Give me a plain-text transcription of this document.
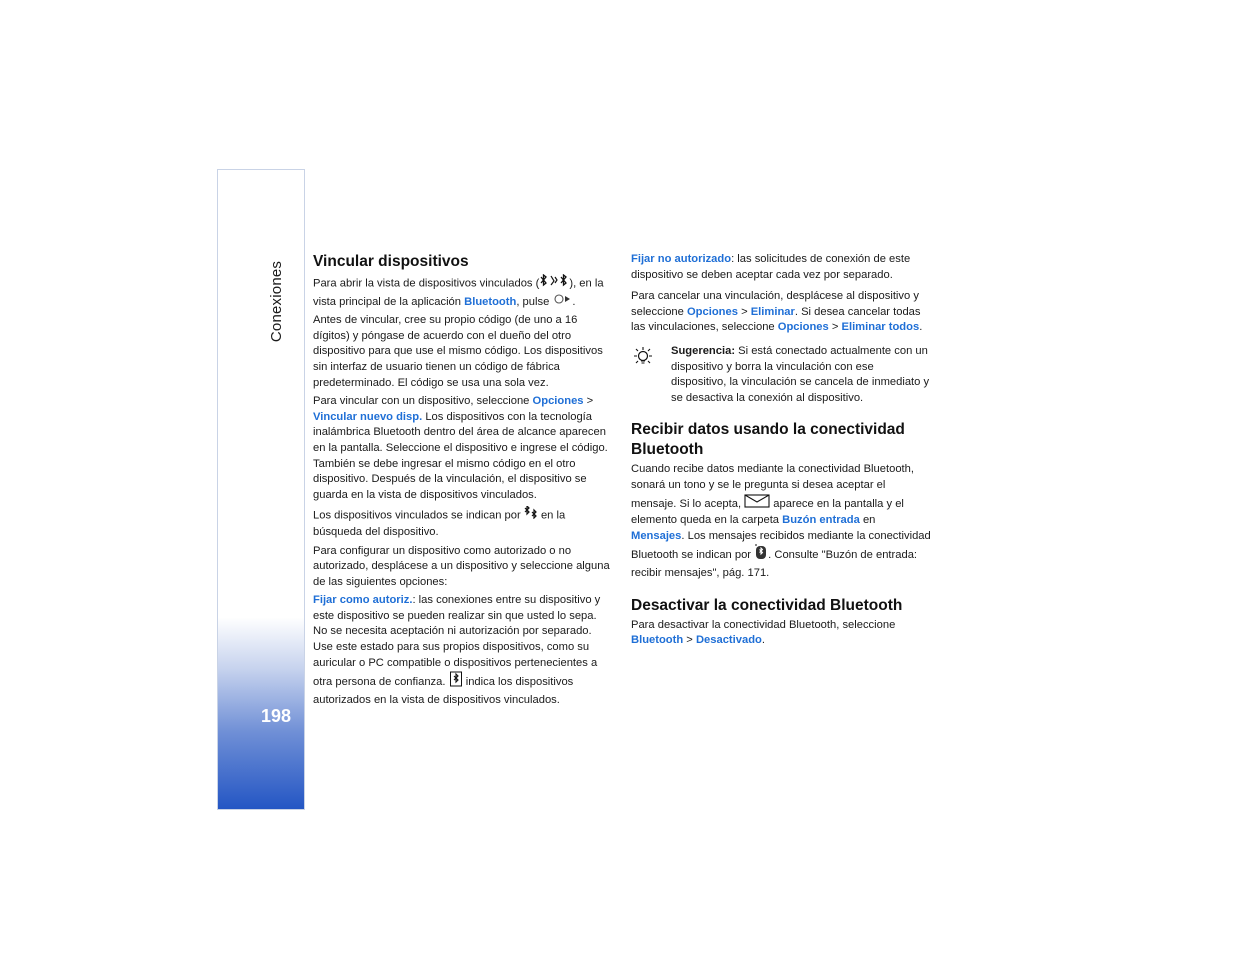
Conexiones
198
Vincular dispositivos

Para abrir la vista de dispositivos vinculados (	), en la vista principal de la aplicación Bluetooth, pulse .

Antes de vincular, cree su propio código (de uno a 16 dígitos) y póngase de acuerdo con el dueño del otro dispositivo para que use el mismo código. Los dispositivos sin interfaz de usuario tienen un código de fábrica predeterminado. El código se usa una sola vez.

Para vincular con un dispositivo, seleccione Opciones > Vincular nuevo disp. Los dispositivos con la tecnología inalámbrica Bluetooth dentro del área de alcance aparecen en la pantalla. Seleccione el dispositivo e ingrese el código. También se debe ingresar el mismo código en el otro dispositivo. Después de la vinculación, el dispositivo se guarda en la vista de dispositivos vinculados.

Los dispositivos vinculados se indican por en la búsqueda del dispositivo.

Para configurar un dispositivo como autorizado o no autorizado, desplácese a un dispositivo y seleccione alguna de las siguientes opciones:

Fijar como autoriz.: las conexiones entre su dispositivo y este dispositivo se pueden realizar sin que usted lo sepa. No se necesita aceptación ni autorización por separado. Use este estado para sus propios dispositivos, como su auricular o PC compatible o dispositivos pertenecientes a otra persona de confianza. indica los dispositivos autorizados en la vista de dispositivos vinculados.

Fijar no autorizado: las solicitudes de conexión de este dispositivo se deben aceptar cada vez por separado.

Para cancelar una vinculación, desplácese al dispositivo y seleccione Opciones > Eliminar. Si desea cancelar todas las vinculaciones, seleccione Opciones > Eliminar todos.

Sugerencia: Si está conectado actualmente con un dispositivo y borra la vinculación con ese dispositivo, la vinculación se cancela de inmediato y se desactiva la conexión al dispositivo.
Recibir datos usando la conectividad Bluetooth

Cuando recibe datos mediante la conectividad Bluetooth, sonará un tono y se le pregunta si desea aceptar el mensaje. Si lo acepta,	aparece en la pantalla y el elemento queda en la carpeta Buzón entrada en Mensajes. Los mensajes recibidos mediante la conectividad Bluetooth se indican por . Consulte "Buzón de entrada: recibir mensajes", pág. 171.

Desactivar la conectividad Bluetooth

Para desactivar la conectividad Bluetooth, seleccione Bluetooth > Desactivado.
